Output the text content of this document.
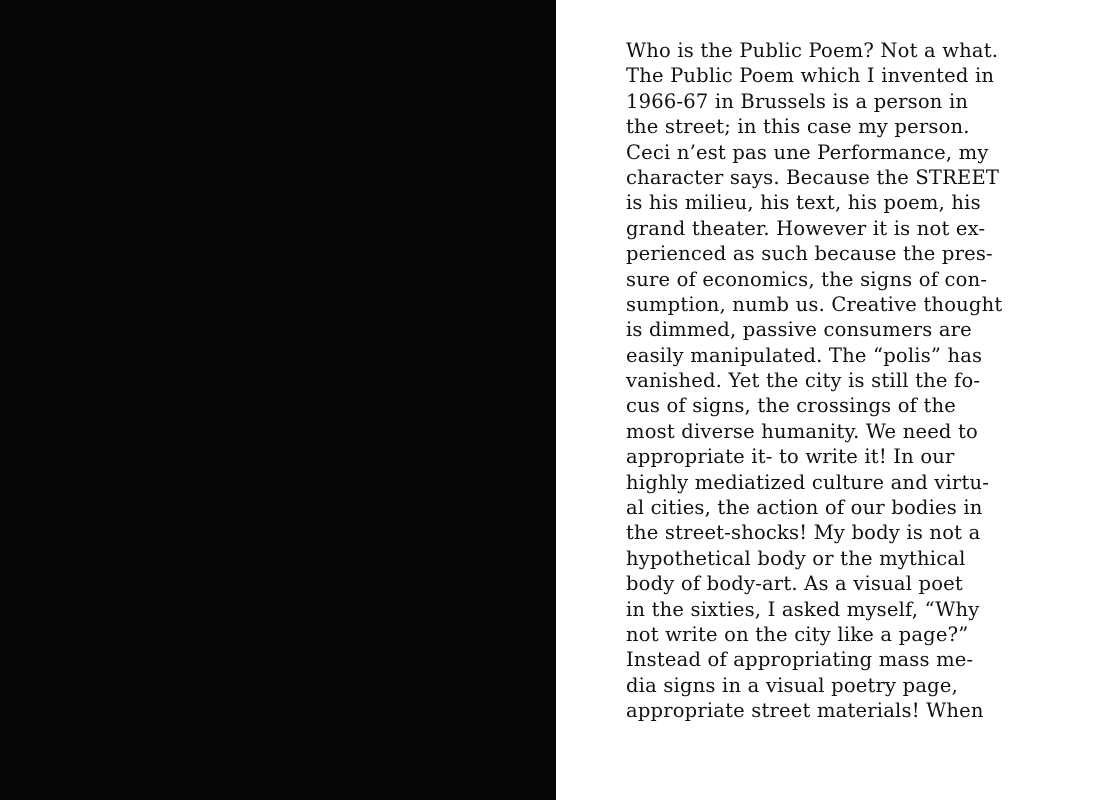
Who is the Public Poem? Not a what.
The Public Poem which I invented in
1966-67 in Brussels is a person in
the street; in this case my person.
Ceci n’est pas une Performance, my
character says. Because the STREET
is his milieu, his text, his poem, his
grand theater. However it is not ex-
perienced as such because the pres-
sure of economics, the signs of con-
sumption, numb us. Creative thought
is dimmed, passive consumers are
easily manipulated. The “polis” has
vanished. Yet the city is still the fo-
cus of signs, the crossings of the
most diverse humanity. We need to
appropriate it- to write it! In our
highly mediatized culture and virtu-
al cities, the action of our bodies in
the street-shocks! My body is not a
hypothetical body or the mythical
body of body-art. As a visual poet
in the sixties, I asked myself, “Why
not write on the city like a page?”
Instead of appropriating mass me-
dia signs in a visual poetry page,
appropriate street materials! When
